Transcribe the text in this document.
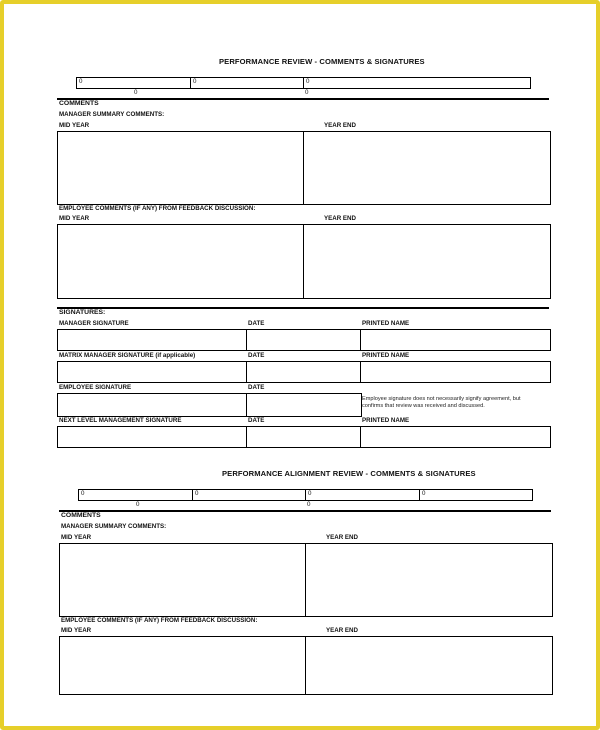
PERFORMANCE REVIEW - COMMENTS & SIGNATURES
0	0	0
0	0
COMMENTS
MANAGER SUMMARY COMMENTS:
MID YEAR	YEAR END
EMPLOYEE COMMENTS (IF ANY) FROM FEEDBACK DISCUSSION:
MID YEAR	YEAR END
SIGNATURES:
MANAGER SIGNATURE	DATE	PRINTED NAME
MATRIX MANAGER SIGNATURE (if applicable)	DATE	PRINTED NAME
EMPLOYEE SIGNATURE	DATE
Employee signature does not necessarily signify agreement, but
confirms that review was received and discussed.
NEXT LEVEL MANAGEMENT SIGNATURE	DATE	PRINTED NAME
PERFORMANCE ALIGNMENT REVIEW - COMMENTS & SIGNATURES
0	0	0	0
0	0
COMMENTS
MANAGER SUMMARY COMMENTS:
MID YEAR	YEAR END
EMPLOYEE COMMENTS (IF ANY) FROM FEEDBACK DISCUSSION:
MID YEAR	YEAR END
